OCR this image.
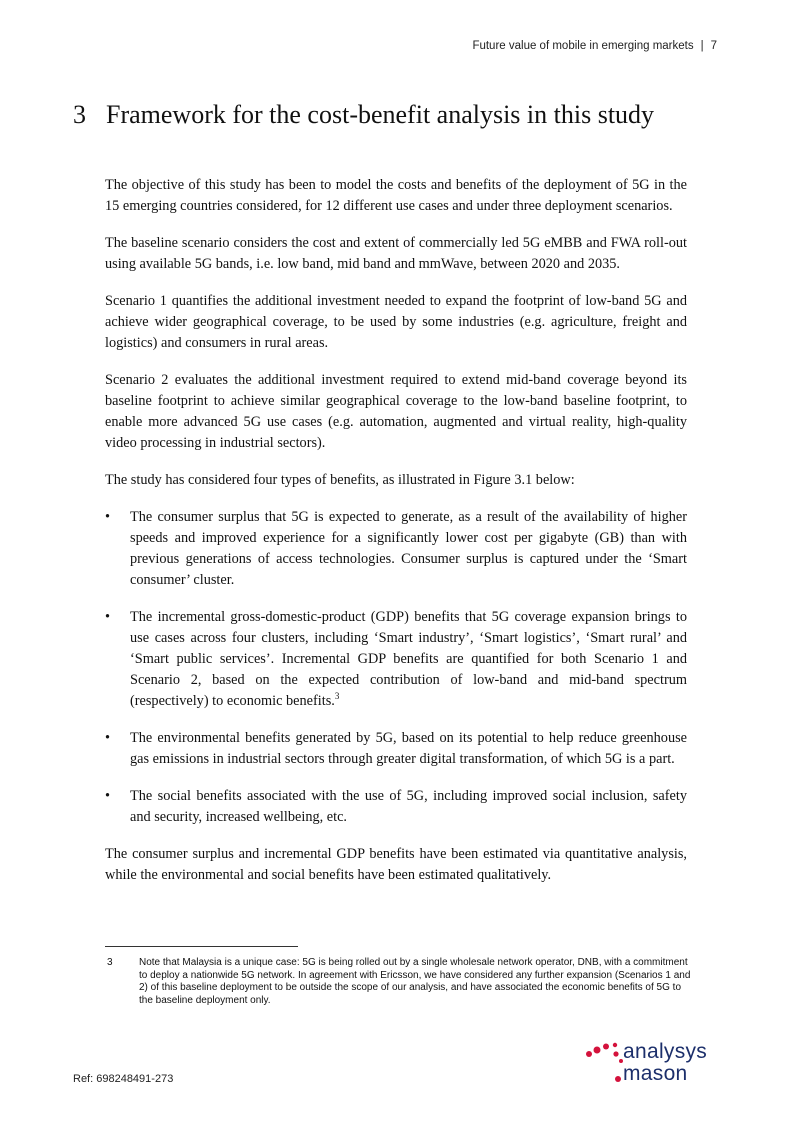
Future value of mobile in emerging markets | 7
3 Framework for the cost-benefit analysis in this study

The objective of this study has been to model the costs and benefits of the deployment of 5G in the 15 emerging countries considered, for 12 different use cases and under three deployment scenarios.

The baseline scenario considers the cost and extent of commercially led 5G eMBB and FWA roll-out using available 5G bands, i.e. low band, mid band and mmWave, between 2020 and 2035.

Scenario 1 quantifies the additional investment needed to expand the footprint of low-band 5G and achieve wider geographical coverage, to be used by some industries (e.g. agriculture, freight and logistics) and consumers in rural areas.

Scenario 2 evaluates the additional investment required to extend mid-band coverage beyond its baseline footprint to achieve similar geographical coverage to the low-band baseline footprint, to enable more advanced 5G use cases (e.g. automation, augmented and virtual reality, high-quality video processing in industrial sectors).

The study has considered four types of benefits, as illustrated in Figure 3.1 below:

• The consumer surplus that 5G is expected to generate, as a result of the availability of higher speeds and improved experience for a significantly lower cost per gigabyte (GB) than with previous generations of access technologies. Consumer surplus is captured under the ‘Smart consumer’ cluster.
• The incremental gross-domestic-product (GDP) benefits that 5G coverage expansion brings to use cases across four clusters, including ‘Smart industry’, ‘Smart logistics’, ‘Smart rural’ and ‘Smart public services’. Incremental GDP benefits are quantified for both Scenario 1 and Scenario 2, based on the expected contribution of low-band and mid-band spectrum (respectively) to economic benefits.$^3$
• The environmental benefits generated by 5G, based on its potential to help reduce greenhouse gas emissions in industrial sectors through greater digital transformation, of which 5G is a part.
• The social benefits associated with the use of 5G, including improved social inclusion, safety and security, increased wellbeing, etc.

The consumer surplus and incremental GDP benefits have been estimated via quantitative analysis, while the environmental and social benefits have been estimated qualitatively.

3	Note that Malaysia is a unique case: 5G is being rolled out by a single wholesale network operator, DNB, with a commitment to deploy a nationwide 5G network. In agreement with Ericsson, we have considered any further expansion (Scenarios 1 and 2) of this baseline deployment to be outside the scope of our analysis, and have associated the economic benefits of 5G to the baseline deployment only.
Ref: 698248491-273
analysys
mason
